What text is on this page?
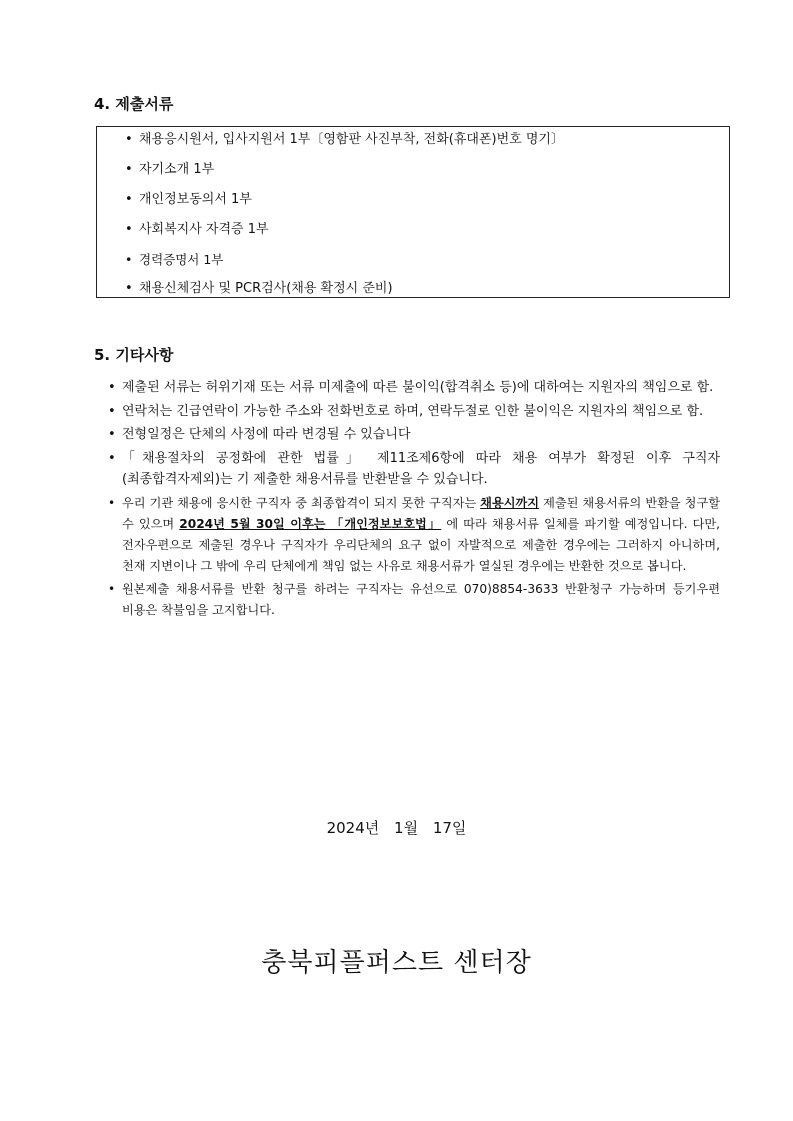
4. 제출서류
• 채용응시원서, 입사지원서 1부〔영함판 사진부착, 전화(휴대폰)번호 명기〕
• 자기소개 1부
• 개인정보동의서 1부
• 사회복지사 자격증 1부
• 경력증명서 1부
• 채용신체검사 및 PCR검사(채용 확정시 준비)
5. 기타사항
• 제출된 서류는 허위기재 또는 서류 미제출에 따른 불이익(합격취소 등)에 대하여는 지원자의 책임으로 함.
• 연락처는 긴급연락이 가능한 주소와 전화번호로 하며, 연락두절로 인한 불이익은 지원자의 책임으로 함.
• 전형일정은 단체의 사정에 따라 변경될 수 있습니다
• 「채용절차의 공정화에 관한 법률」 제11조제6항에 따라 채용 여부가 확정된 이후 구직자 (최종합격자제외)는 기 제출한 채용서류를 반환받을 수 있습니다.
• 우리 기관 채용에 응시한 구직자 중 최종합격이 되지 못한 구직자는 채용시까지 제출된 채용서류의 반환을 청구할 수 있으며 2024년 5월 30일 이후는 「개인정보보호법」 에 따라 채용서류 일체를 파기할 예정입니다. 다만, 전자우편으로 제출된 경우나 구직자가 우리단체의 요구 없이 자발적으로 제출한 경우에는 그러하지 아니하며, 천재 지변이나 그 밖에 우리 단체에게 책임 없는 사유로 채용서류가 열실된 경우에는 반환한 것으로 봅니다.
• 원본제출 채용서류를 반환 청구를 하려는 구직자는 유선으로 070)8854-3633 반환청구 가능하며 등기우편 비용은 착불임을 고지합니다.
2024년 1월 17일
충북피플퍼스트 센터장
